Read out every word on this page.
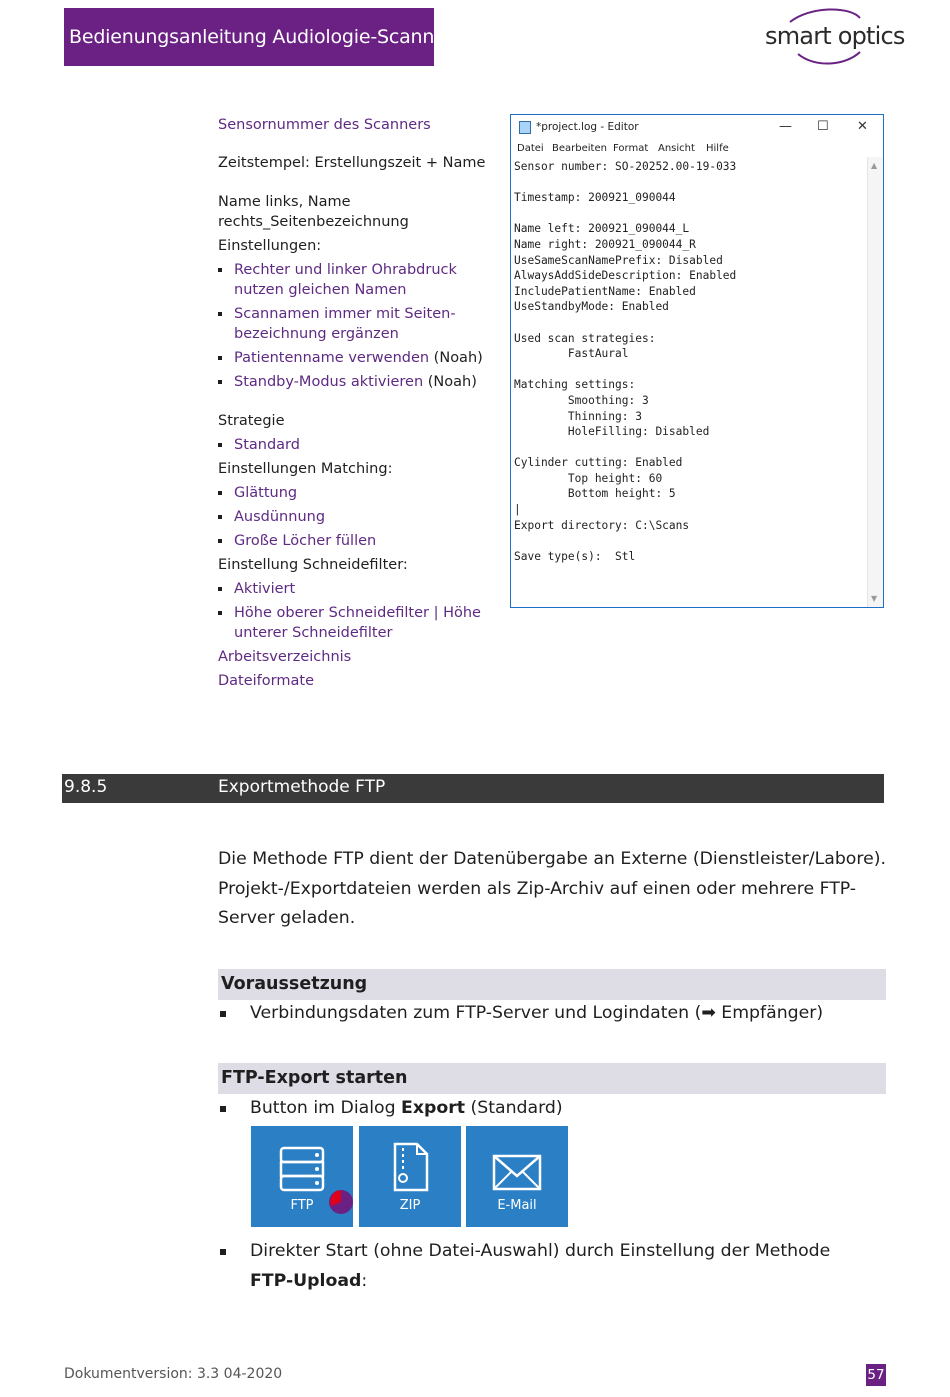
Bedienungsanleitung Audiologie-Scanner	smart optics
Sensornummer des Scanners
Zeitstempel: Erstellungszeit + Name
Name links, Name
rechts_Seitenbezeichnung
Einstellungen:
Rechter und linker Ohrabdruck
nutzen gleichen Namen
Scannamen immer mit Seiten-
bezeichnung ergänzen
Patientenname verwenden (Noah)
Standby-Modus aktivieren (Noah)
Strategie
Standard
Einstellungen Matching:
Glättung
Ausdünnung
Große Löcher füllen
Einstellung Schneidefilter:
Aktiviert
Höhe oberer Schneidefilter | Höhe
unterer Schneidefilter
Arbeitsverzeichnis
Dateiformate
*project.log - Editor	— ☐ ✕
Datei Bearbeiten Format Ansicht Hilfe
Sensor number: SO-20252.00-19-033

Timestamp: 200921_090044

Name left: 200921_090044_L
Name right: 200921_090044_R
UseSameScanNamePrefix: Disabled
AlwaysAddSideDescription: Enabled
IncludePatientName: Enabled
UseStandbyMode: Enabled

Used scan strategies:
FastAural

Matching settings:
Smoothing: 3
Thinning: 3
HoleFilling: Disabled

Cylinder cutting: Enabled
Top height: 60
Bottom height: 5
|
Export directory: C:\Scans

Save type(s):  Stl
▲
▼
9.8.5	Exportmethode FTP
Die Methode FTP dient der Datenübergabe an Externe (Dienstleister/Labore).
Projekt-/Exportdateien werden als Zip-Archiv auf einen oder mehrere FTP-
Server geladen.
Voraussetzung
Verbindungsdaten zum FTP-Server und Logindaten (➡ Empfänger)
FTP-Export starten
Button im Dialog Export (Standard)
FTP	ZIP	E-Mail
Direkter Start (ohne Datei-Auswahl) durch Einstellung der Methode
FTP-Upload:
Dokumentversion: 3.3 04-2020	57
